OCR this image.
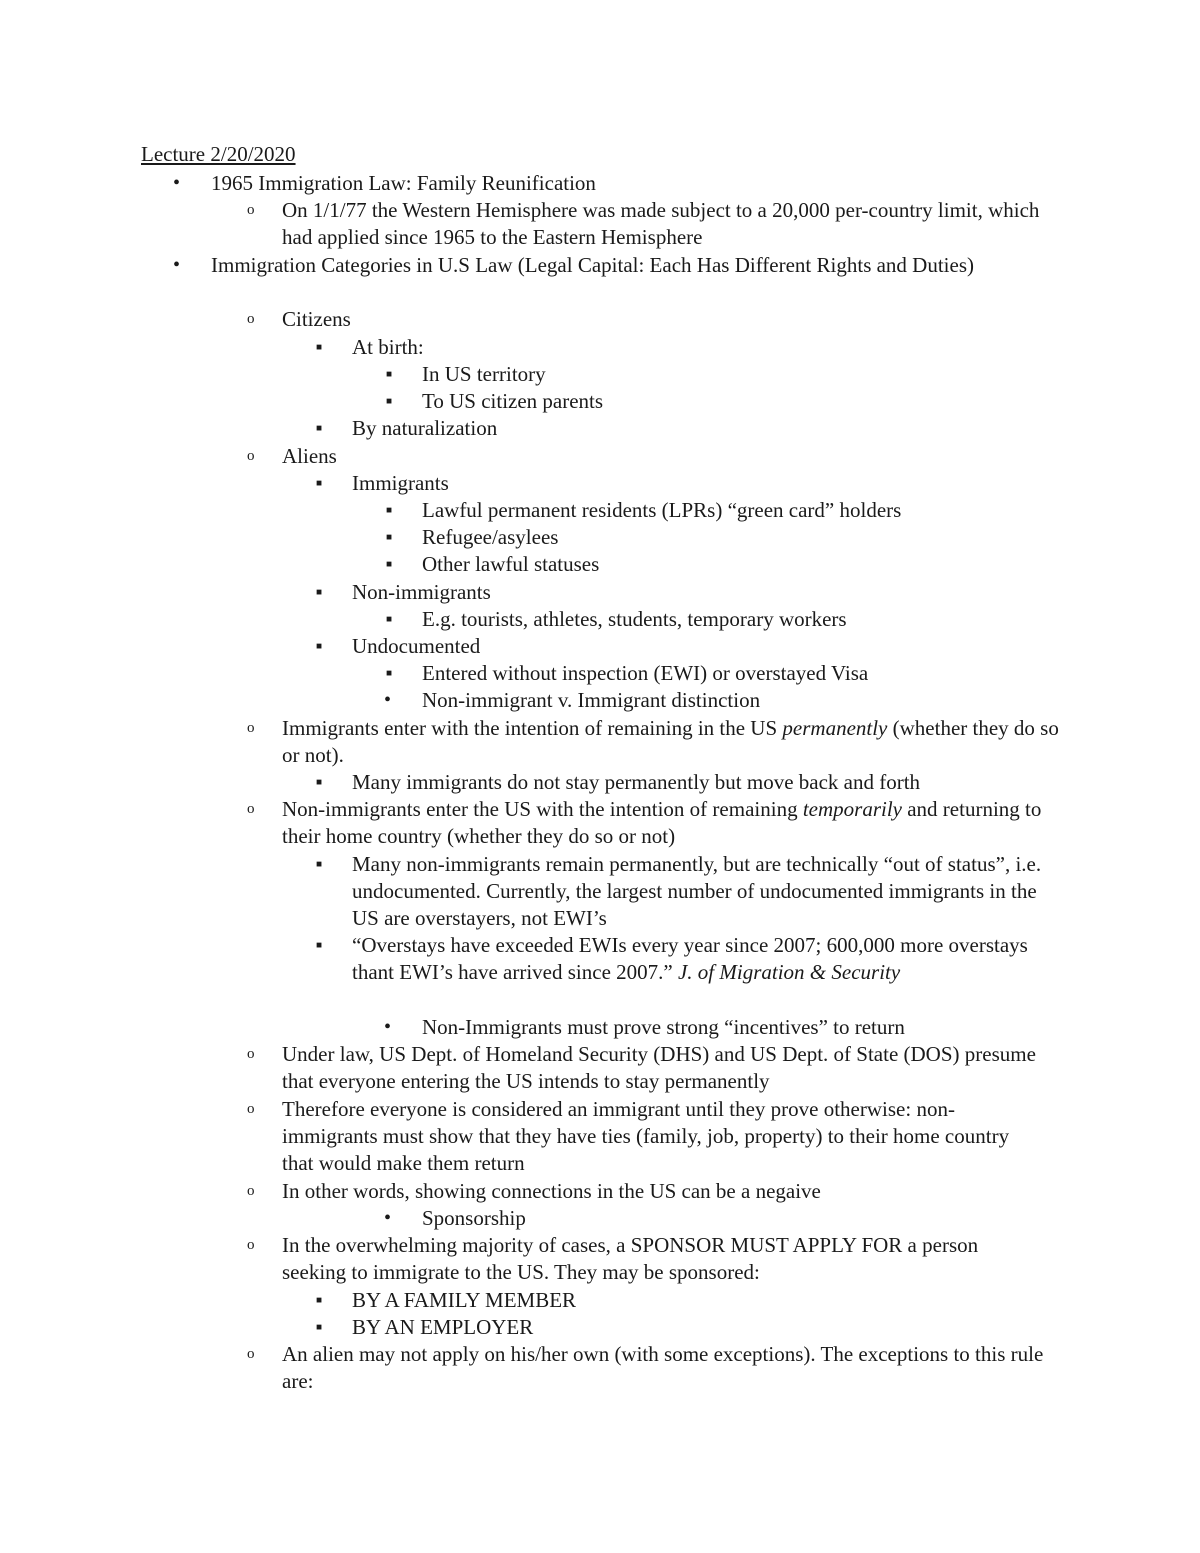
Lecture 2/20/2020
•	1965 Immigration Law: Family Reunification
o	On 1/1/77 the Western Hemisphere was made subject to a 20,000 per-country limit, which had applied since 1965 to the Eastern Hemisphere
•	Immigration Categories in U.S Law (Legal Capital: Each Has Different Rights and Duties)
o	Citizens
■	At birth:
■	In US territory
■	To US citizen parents
■	By naturalization
o	Aliens
■	Immigrants
■	Lawful permanent residents (LPRs) “green card” holders
■	Refugee/asylees
■	Other lawful statuses
■	Non-immigrants
■	E.g. tourists, athletes, students, temporary workers
■	Undocumented
■	Entered without inspection (EWI) or overstayed Visa
•	Non-immigrant v. Immigrant distinction
o	Immigrants enter with the intention of remaining in the US permanently (whether they do so or not).
■	Many immigrants do not stay permanently but move back and forth
o	Non-immigrants enter the US with the intention of remaining temporarily and returning to their home country (whether they do so or not)
■	Many non-immigrants remain permanently, but are technically “out of status”, i.e. undocumented. Currently, the largest number of undocumented immigrants in the US are overstayers, not EWI’s
■	“Overstays have exceeded EWIs every year since 2007; 600,000 more overstays thant EWI’s have arrived since 2007.” J. of Migration & Security
•	Non-Immigrants must prove strong “incentives” to return
o	Under law, US Dept. of Homeland Security (DHS) and US Dept. of State (DOS) presume that everyone entering the US intends to stay permanently
o	Therefore everyone is considered an immigrant until they prove otherwise: non-immigrants must show that they have ties (family, job, property) to their home country that would make them return
o	In other words, showing connections in the US can be a negaive
•	Sponsorship
o	In the overwhelming majority of cases, a SPONSOR MUST APPLY FOR a person seeking to immigrate to the US. They may be sponsored:
■	BY A FAMILY MEMBER
■	BY AN EMPLOYER
o	An alien may not apply on his/her own (with some exceptions). The exceptions to this rule are:
